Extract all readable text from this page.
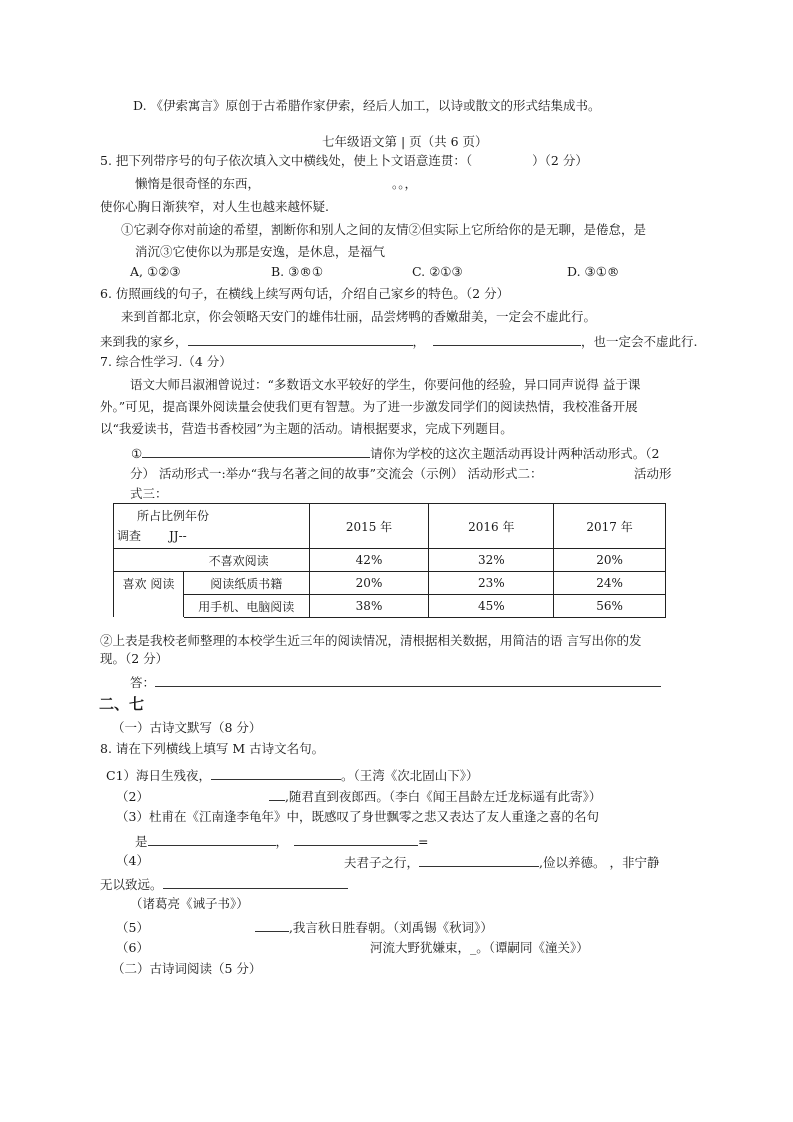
D. 《伊索寓言》原创于古希腊作家伊索，经后人加工，以诗或散文的形式结集成书。
七年级语文第 | 页（共 6 页）
5. 把下列带序号的句子依次填入文中横线处，使上卜文语意连贯：（	）（2 分）
懒惰是很奇怪的东西，	。。，
使你心胸日渐狭窄，对人生也越来越怀疑.
①它剥夺你对前途的希望，割断你和别人之间的友情②但实际上它所给你的是无聊，是倦怠，是
消沉③它使你以为那是安逸，是休息，是福气
A, ①②③	B. ③®①	C. ②①③	D. ③①®
6. 仿照画线的句子，在横线上续写两句话，介绍自己家乡的特色。（2 分）
来到首都北京，你会领略天安门的雄伟壮丽，品尝烤鸭的香嫩甜美，一定会不虚此行。
来到我的家乡，	，	，也一定会不虚此行.
7. 综合性学习.（4 分）
语文大师吕淑湘曾说过：“多数语文水平较好的学生，你要问他的经验，异口同声说得 益于课
外。”可见，提高课外阅读量会使我们更有智慧。为了进一步激发同学们的阅读热情，我校准备开展
以“我爱读书，营造书香校园”为主题的活动。请根据要求，完成下列题目。
①	请你为学校的这次主题活动再设计两种活动形式。（2
分） 活动形式一:举办“我与名著之间的故事”交流会（示例） 活动形式二：	活动形
式三：
所占比例年份
调查 JJ--		2015 年	2016 年	2017 年
不喜欢阅读		42%	32%	20%
喜欢 阅读	阅读纸质书籍	20%	23%	24%
	用手机、电脑阅读	38%	45%	56%
②上表是我校老师整理的本校学生近三年的阅读情况，清根据相关数据，用简洁的语 言写出你的发
现。（2 分）
答：
二、七
（一）古诗文默写（8 分）
8. 请在下列横线上填写 M 古诗文名句。
C1）海日生残夜，	。（王湾《次北固山下》）
（2）	,随君直到夜郎西。（李白《闻王昌龄左迁龙标遥有此寄》）
（3）杜甫在《江南逢李龟年》中，既感叹了身世飘零之悲又表达了友人重逢之喜的名句
是	，	=
（4）	夫君子之行，	,俭以养德。 ，非宁静
无以致远。
（诸葛亮《诫子书》）
（5）	,我言秋日胜春朝。（刘禹锡《秋词》）
（6）	河流大野犹嫌束，_。（谭嗣同《潼关》）
（二）古诗词阅读（5 分）
